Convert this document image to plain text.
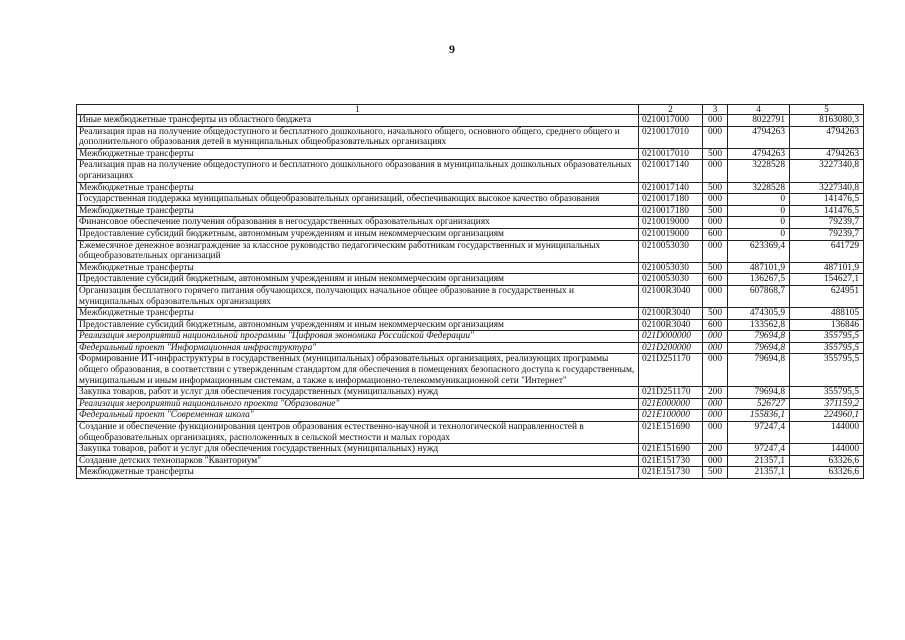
9
1	2	3	4	5
Иные межбюджетные трансферты из областного бюджета	0210017000	000	8022791	8163080,3
Реализация прав на получение общедоступного и бесплатного дошкольного, начального общего, основного общего, среднего общего и дополнительного образования детей в муниципальных общеобразовательных организациях	0210017010	000	4794263	4794263
Межбюджетные трансферты	0210017010	500	4794263	4794263
Реализация прав на получение общедоступного и бесплатного дошкольного образования в муниципальных дошкольных образовательных организациях	0210017140	000	3228528	3227340,8
Межбюджетные трансферты	0210017140	500	3228528	3227340,8
Государственная поддержка муниципальных общеобразовательных организаций, обеспечивающих высокое качество образования	0210017180	000	0	141476,5
Межбюджетные трансферты	0210017180	500	0	141476,5
Финансовое обеспечение получения образования в негосударственных образовательных организациях	0210019000	000	0	79239,7
Предоставление субсидий бюджетным, автономным учреждениям и иным некоммерческим организациям	0210019000	600	0	79239,7
Ежемесячное денежное вознаграждение за классное руководство педагогическим работникам государственных и муниципальных общеобразовательных организаций	0210053030	000	623369,4	641729
Межбюджетные трансферты	0210053030	500	487101,9	487101,9
Предоставление субсидий бюджетным, автономным учреждениям и иным некоммерческим организациям	0210053030	600	136267,5	154627,1
Организация бесплатного горячего питания обучающихся, получающих начальное общее образование в государственных и муниципальных образовательных организациях	02100R3040	000	607868,7	624951
Межбюджетные трансферты	02100R3040	500	474305,9	488105
Предоставление субсидий бюджетным, автономным учреждениям и иным некоммерческим организациям	02100R3040	600	133562,8	136846
Реализация мероприятий национальной программы "Цифровая экономика Российской Федерации"	021D000000	000	79694,8	355795,5
Федеральный проект "Информационная инфраструктура"	021D200000	000	79694,8	355795,5
Формирование ИТ-инфраструктуры в государственных (муниципальных) образовательных организациях, реализующих программы общего образования, в соответствии с утвержденным стандартом для обеспечения в помещениях безопасного доступа к государственным, муниципальным и иным информационным системам, а также к информационно-телекоммуникационной сети "Интернет"	021D251170	000	79694,8	355795,5
Закупка товаров, работ и услуг для обеспечения государственных (муниципальных) нужд	021D251170	200	79694,8	355795,5
Реализация мероприятий национального проекта "Образование"	021E000000	000	526727	371159,2
Федеральный проект "Современная школа"	021E100000	000	155836,1	224960,1
Создание и обеспечение функционирования центров образования естественно-научной и технологической направленностей в общеобразовательных организациях, расположенных в сельской местности и малых городах	021E151690	000	97247,4	144000
Закупка товаров, работ и услуг для обеспечения государственных (муниципальных) нужд	021E151690	200	97247,4	144000
Создание детских технопарков "Кванториум"	021E151730	000	21357,1	63326,6
Межбюджетные трансферты	021E151730	500	21357,1	63326,6
